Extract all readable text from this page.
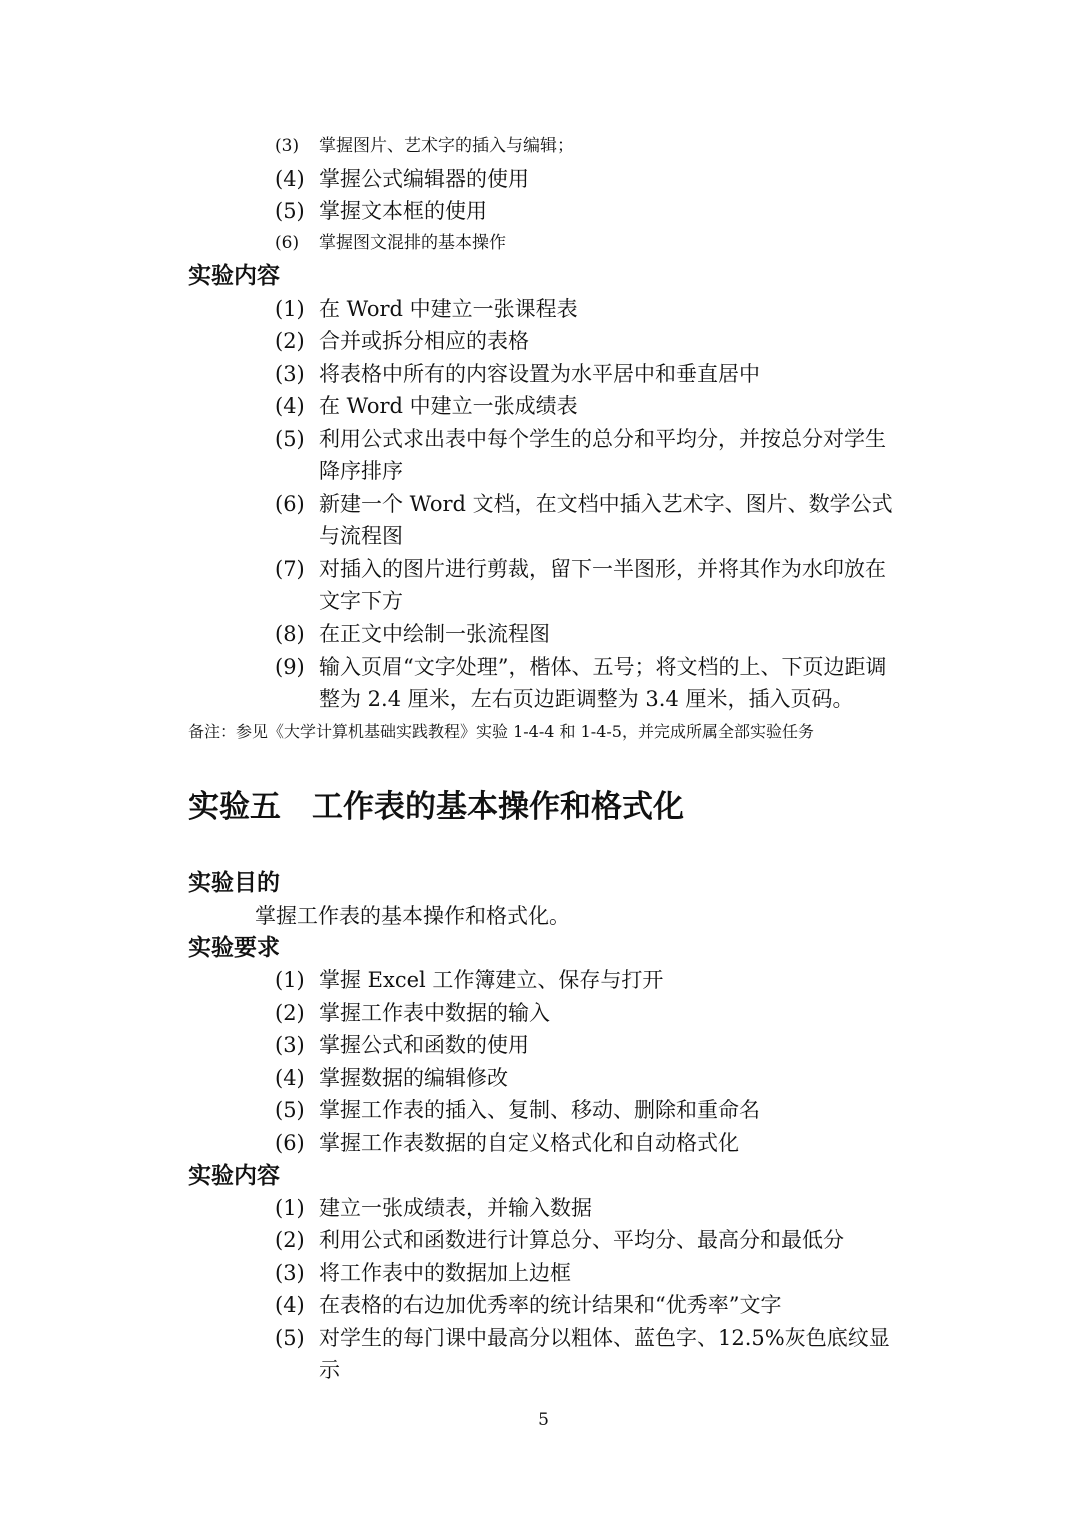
(3)	掌握图片、艺术字的插入与编辑；
(4) 掌握公式编辑器的使用
(5) 掌握文本框的使用
(6)	掌握图文混排的基本操作
实验内容
(1) 在 Word 中建立一张课程表
(2) 合并或拆分相应的表格
(3) 将表格中所有的内容设置为水平居中和垂直居中
(4) 在 Word 中建立一张成绩表
(5) 利用公式求出表中每个学生的总分和平均分，并按总分对学生降序排序
(6) 新建一个 Word 文档，在文档中插入艺术字、图片、数学公式与流程图
(7) 对插入的图片进行剪裁，留下一半图形，并将其作为水印放在文字下方
(8) 在正文中绘制一张流程图
(9) 输入页眉“文字处理”，楷体、五号；将文档的上、下页边距调整为 2.4 厘米，左右页边距调整为 3.4 厘米，插入页码。
备注：参见《大学计算机基础实践教程》实验 1-4-4 和 1-4-5，并完成所属全部实验任务
实验五　工作表的基本操作和格式化
实验目的
掌握工作表的基本操作和格式化。
实验要求
(1) 掌握 Excel 工作簿建立、保存与打开
(2) 掌握工作表中数据的输入
(3) 掌握公式和函数的使用
(4) 掌握数据的编辑修改
(5) 掌握工作表的插入、复制、移动、删除和重命名
(6) 掌握工作表数据的自定义格式化和自动格式化
实验内容
(1) 建立一张成绩表，并输入数据
(2) 利用公式和函数进行计算总分、平均分、最高分和最低分
(3) 将工作表中的数据加上边框
(4) 在表格的右边加优秀率的统计结果和“优秀率”文字
(5) 对学生的每门课中最高分以粗体、蓝色字、12.5%灰色底纹显示
5
